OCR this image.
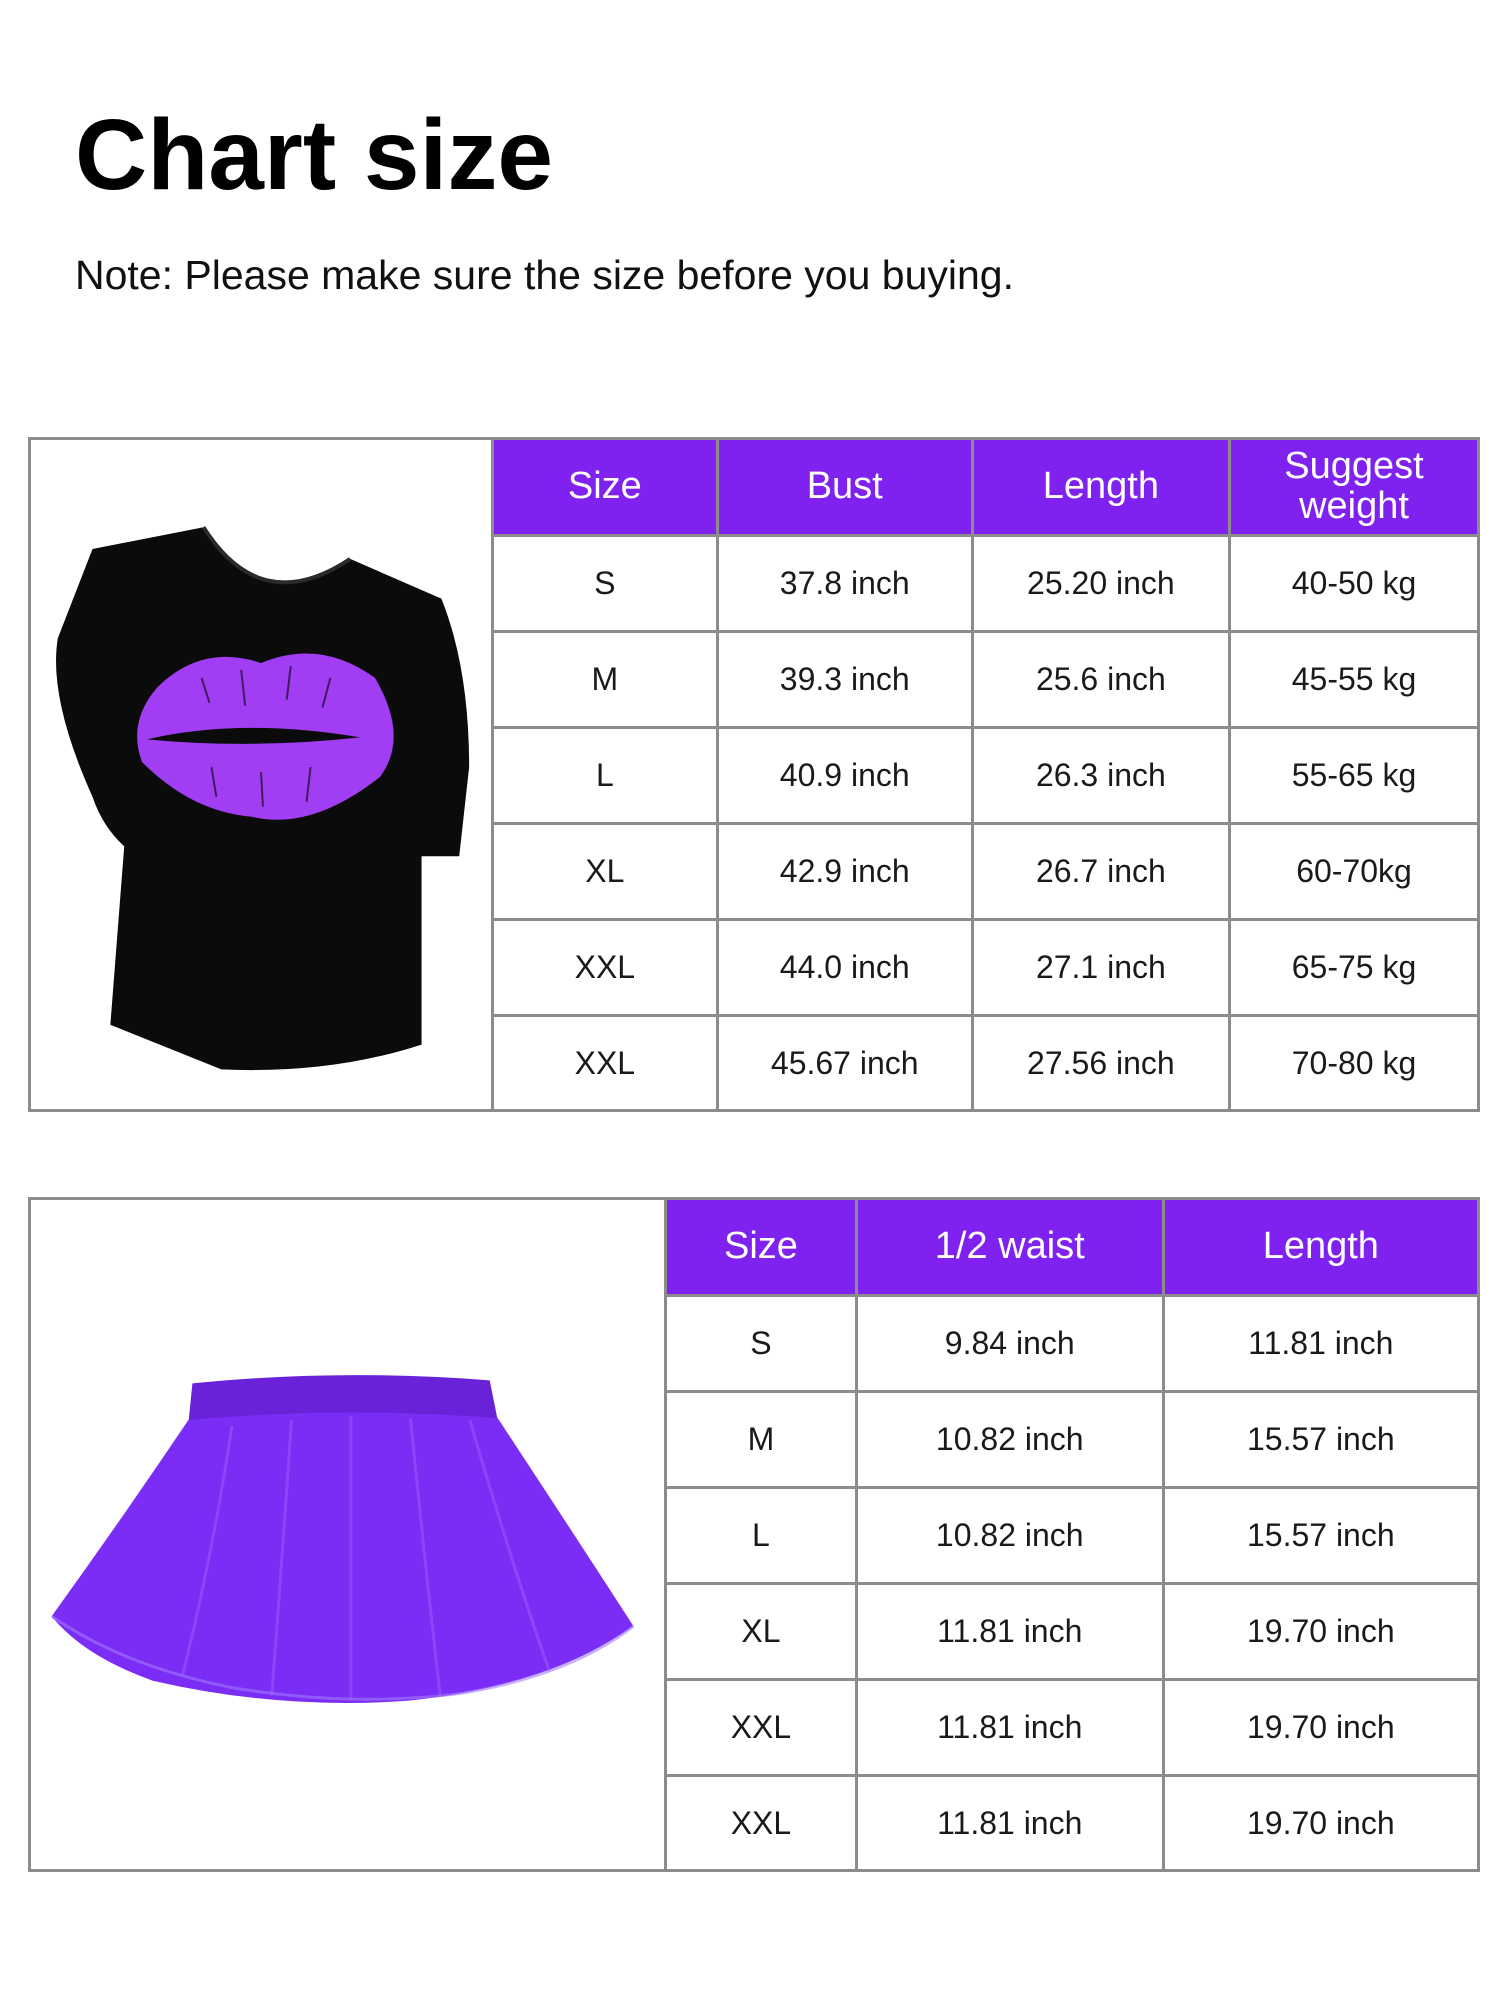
Chart size
Note: Please make sure the size before you buying.
Size	Bust	Length	Suggest weight
S	37.8 inch	25.20 inch	40-50 kg
M	39.3 inch	25.6 inch	45-55 kg
L	40.9 inch	26.3 inch	55-65 kg
XL	42.9 inch	26.7 inch	60-70kg
XXL	44.0 inch	27.1 inch	65-75 kg
XXL	45.67 inch	27.56 inch	70-80 kg
Size	1/2 waist	Length
S	9.84 inch	11.81 inch
M	10.82 inch	15.57 inch
L	10.82 inch	15.57 inch
XL	11.81 inch	19.70 inch
XXL	11.81 inch	19.70 inch
XXL	11.81 inch	19.70 inch
